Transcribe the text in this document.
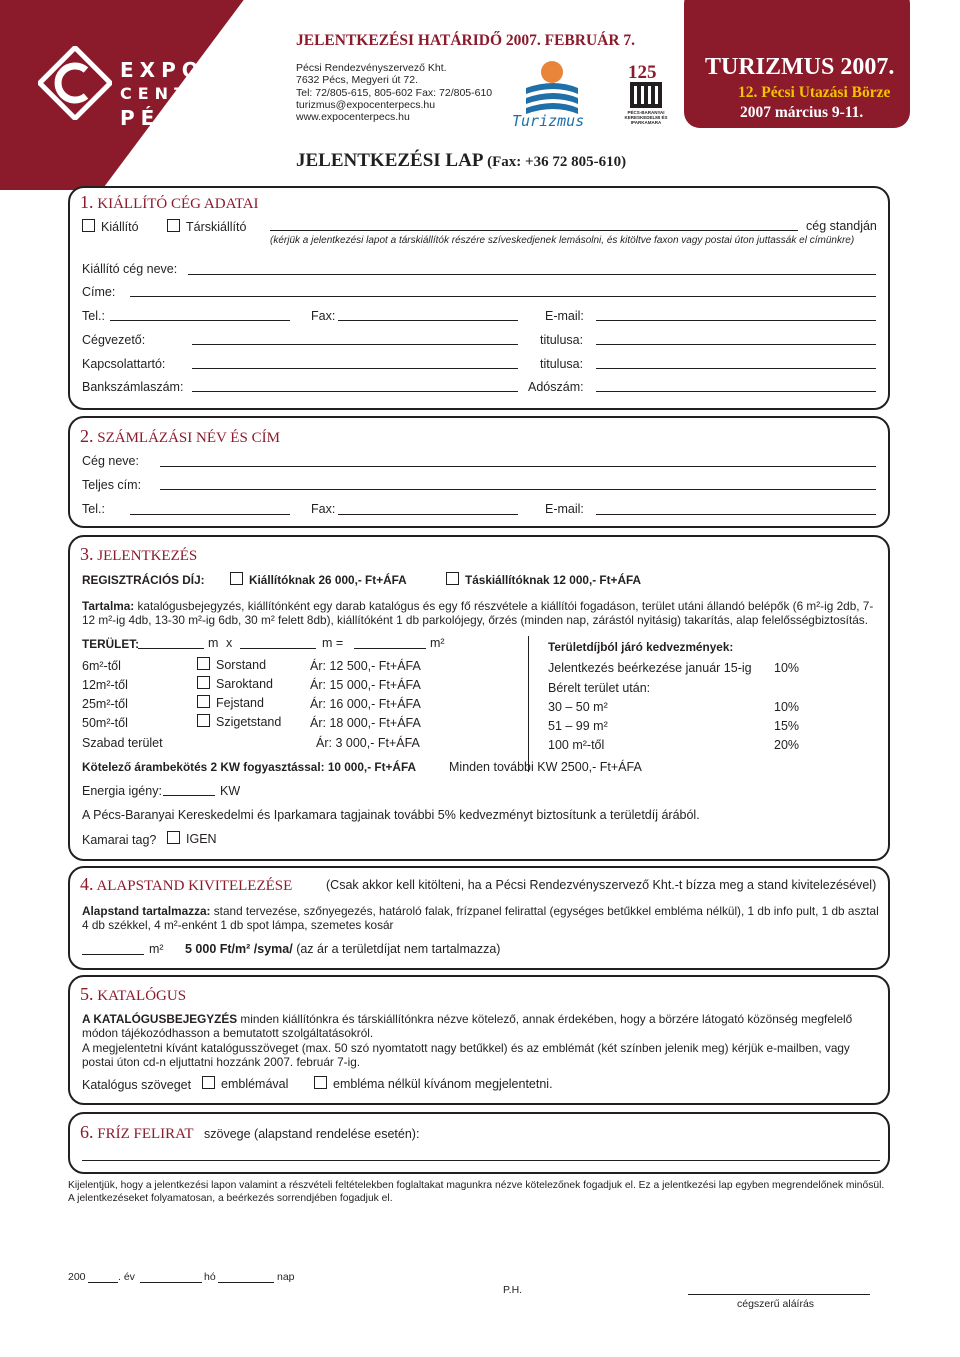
EXPO
CENTER
PÉCS
JELENTKEZÉSI HATÁRIDŐ 2007. FEBRUÁR 7.
Pécsi Rendezvényszervező Kht.
7632 Pécs, Megyeri út 72.
Tel: 72/805-615, 805-602 Fax: 72/805-610
turizmus@expocenterpecs.hu
www.expocenterpecs.hu	Turizmus
125
PÉCS-BARANYAI KERESKEDELMI ÉS IPARKAMARA
TURIZMUS 2007.
12. Pécsi Utazási Börze
2007 március 9-11.
JELENTKEZÉSI LAP (Fax: +36 72 805-610)
1. KIÁLLÍTÓ CÉG ADATAI
Kiállító	Társkiállító	cég standján
(kérjük a jelentkezési lapot a társkiállítók részére szíveskedjenek lemásolni, és kitöltve faxon vagy postai úton juttassák el címünkre)
Kiállító cég neve:
Címe:
Tel.:	Fax:	E-mail:
Cégvezető:	titulusa:
Kapcsolattartó:	titulusa:
Bankszámlaszám:	Adószám:
2. SZÁMLÁZÁSI NÉV ÉS CÍM
Cég neve:
Teljes cím:
Tel.:	Fax:	E-mail:
3. JELENTKEZÉS
REGISZTRÁCIÓS DÍJ:	Kiállítóknak 26 000,- Ft+ÁFA	Táskiállítóknak 12 000,- Ft+ÁFA
Tartalma: katalógusbejegyzés, kiállítónként egy darab katalógus és egy fő részvétele a kiállítói fogadáson, terület utáni állandó belépők (6 m²-ig 2db, 7-12 m²-ig 4db, 13-30 m²-ig 6db, 30 m² felett 8db), kiállítóként 1 db parkolójegy, őrzés (minden nap, zárástól nyitásig) takarítás, alap felelősségbiztosítás.
TERÜLET:	m x	m =	m²
6m²-től	Sorstand	Ár: 12 500,- Ft+ÁFA
12m²-től	Saroktand	Ár: 15 000,- Ft+ÁFA
25m²-től	Fejstand	Ár: 16 000,- Ft+ÁFA
50m²-től	Szigetstand Ár: 18 000,- Ft+ÁFA
Szabad terület	Ár: 3 000,- Ft+ÁFA
Területdíjból járó kedvezmények:
Jelentkezés beérkezése január 15-ig 10%
Bérelt terület után:
30 – 50 m²	10%
51 – 99 m²	15%
100 m²-től	20%
Kötelező árambekötés 2 KW fogyasztással: 10 000,- Ft+ÁFA	Minden további KW 2500,- Ft+ÁFA
Energia igény:	KW
A Pécs-Baranyai Kereskedelmi és Iparkamara tagjainak további 5% kedvezményt biztosítunk a területdíj árából.
Kamarai tag?	IGEN
4. ALAPSTAND KIVITELEZÉSE	(Csak akkor kell kitölteni, ha a Pécsi Rendezvényszervező Kht.-t bízza meg a stand kivitelezésével)
Alapstand tartalmazza: stand tervezése, szőnyegezés, határoló falak, frízpanel felirattal (egységes betűkkel embléma nélkül), 1 db info pult, 1 db asztal 4 db székkel, 4 m²-enként 1 db spot lámpa, szemetes kosár
m² 5 000 Ft/m² /syma/ (az ár a területdíjat nem tartalmazza)
5. KATALÓGUS
A KATALÓGUSBEJEGYZÉS minden kiállítónkra és társkiállítónkra nézve kötelező, annak érdekében, hogy a börzére látogató közönség megfelelő módon tájékozódhasson a bemutatott szolgáltatásokról.
A megjelentetni kívánt katalógusszöveget (max. 50 szó nyomtatott nagy betűkkel) és az emblémát (két színben jelenik meg) kérjük e-mailben, vagy postai úton cd-n eljuttatni hozzánk 2007. február 7-ig.
Katalógus szöveget	emblémával	embléma nélkül kívánom megjelentetni.
6. FRÍZ FELIRAT szövege (alapstand rendelése esetén):
Kijelentjük, hogy a jelentkezési lapon valamint a részvételi feltételekben foglaltakat magunkra nézve kötelezőnek fogadjuk el. Ez a jelentkezési lap egyben megrendelőnek minősül. A jelentkezéseket folyamatosan, a beérkezés sorrendjében fogadjuk el.
200	. év	hó	nap
P.H.
cégszerű aláírás
